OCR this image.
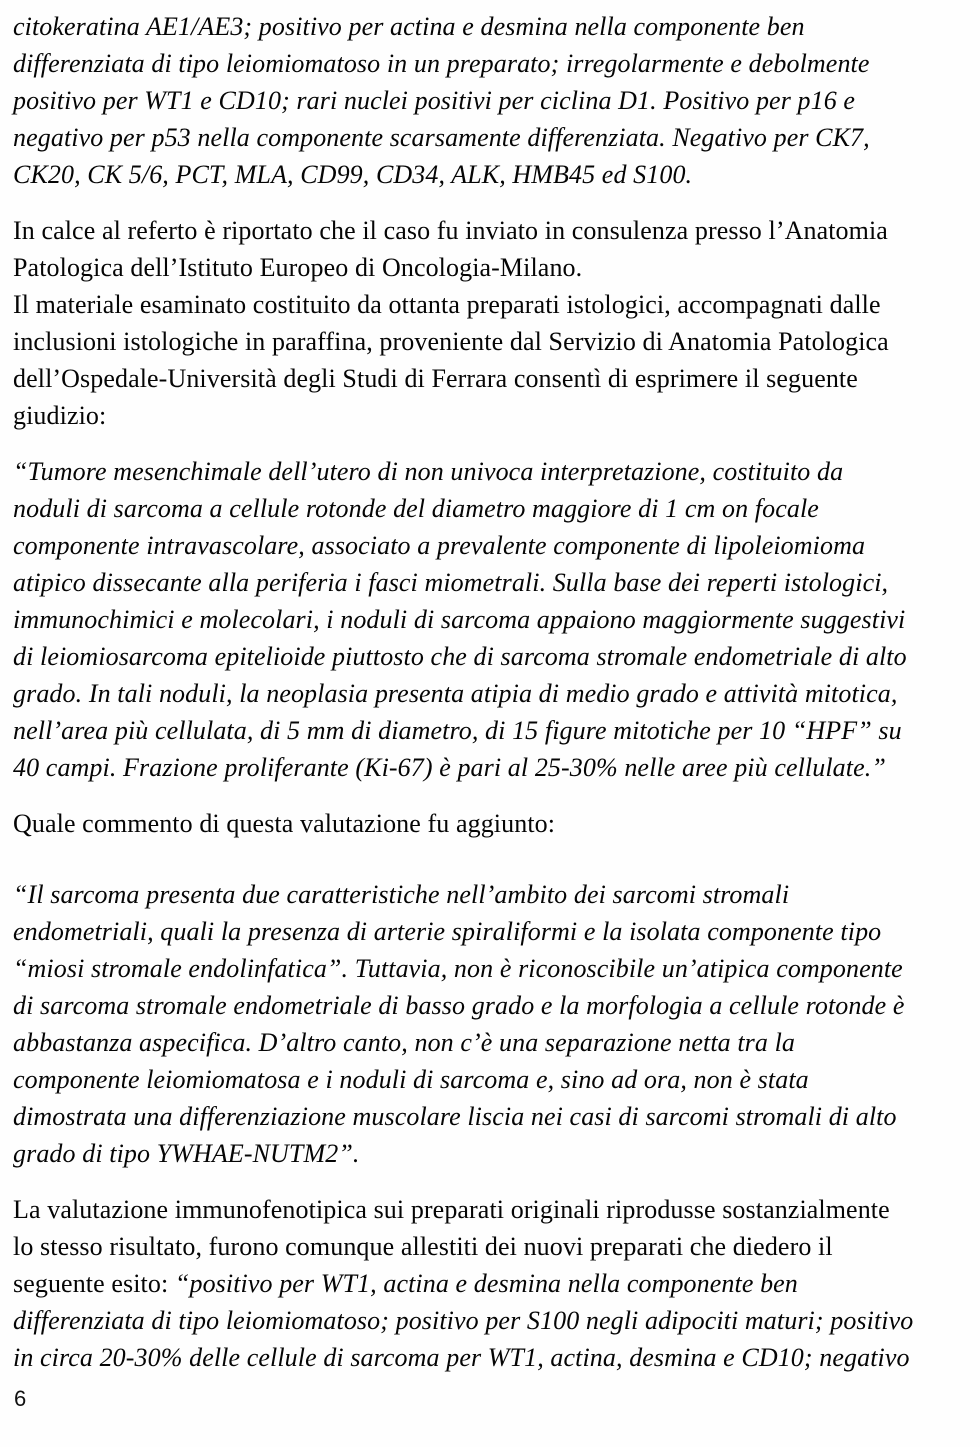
citokeratina AE1/AE3; positivo per actina e desmina nella componente ben
differenziata di tipo leiomiomatoso in un preparato; irregolarmente e debolmente
positivo per WT1 e CD10; rari nuclei positivi per ciclina D1. Positivo per p16 e
negativo per p53 nella componente scarsamente differenziata. Negativo per CK7,
CK20, CK 5/6, PCT, MLA, CD99, CD34, ALK, HMB45 ed S100.
In calce al referto è riportato che il caso fu inviato in consulenza presso l’Anatomia
Patologica dell’Istituto Europeo di Oncologia-Milano.
Il materiale esaminato costituito da ottanta preparati istologici, accompagnati dalle
inclusioni istologiche in paraffina, proveniente dal Servizio di Anatomia Patologica
dell’Ospedale-Università degli Studi di Ferrara consentì di esprimere il seguente
giudizio:
“Tumore mesenchimale dell’utero di non univoca interpretazione, costituito da
noduli di sarcoma a cellule rotonde del diametro maggiore di 1 cm on focale
componente intravascolare, associato a prevalente componente di lipoleiomioma
atipico dissecante alla periferia i fasci miometrali. Sulla base dei reperti istologici,
immunochimici e molecolari, i noduli di sarcoma appaiono maggiormente suggestivi
di leiomiosarcoma epitelioide piuttosto che di sarcoma stromale endometriale di alto
grado. In tali noduli, la neoplasia presenta atipia di medio grado e attività mitotica,
nell’area più cellulata, di 5 mm di diametro, di 15 figure mitotiche per 10 “HPF” su
40 campi. Frazione proliferante (Ki-67) è pari al 25-30% nelle aree più cellulate.”
Quale commento di questa valutazione fu aggiunto:
“Il sarcoma presenta due caratteristiche nell’ambito dei sarcomi stromali
endometriali, quali la presenza di arterie spiraliformi e la isolata componente tipo
“miosi stromale endolinfatica”. Tuttavia, non è riconoscibile un’atipica componente
di sarcoma stromale endometriale di basso grado e la morfologia a cellule rotonde è
abbastanza aspecifica. D’altro canto, non c’è una separazione netta tra la
componente leiomiomatosa e i noduli di sarcoma e, sino ad ora, non è stata
dimostrata una differenziazione muscolare liscia nei casi di sarcomi stromali di alto
grado di tipo YWHAE-NUTM2”.
La valutazione immunofenotipica sui preparati originali riprodusse sostanzialmente
lo stesso risultato, furono comunque allestiti dei nuovi preparati che diedero il
seguente esito: “positivo per WT1, actina e desmina nella componente ben
differenziata di tipo leiomiomatoso; positivo per S100 negli adipociti maturi; positivo
in circa 20-30% delle cellule di sarcoma per WT1, actina, desmina e CD10; negativo
6
